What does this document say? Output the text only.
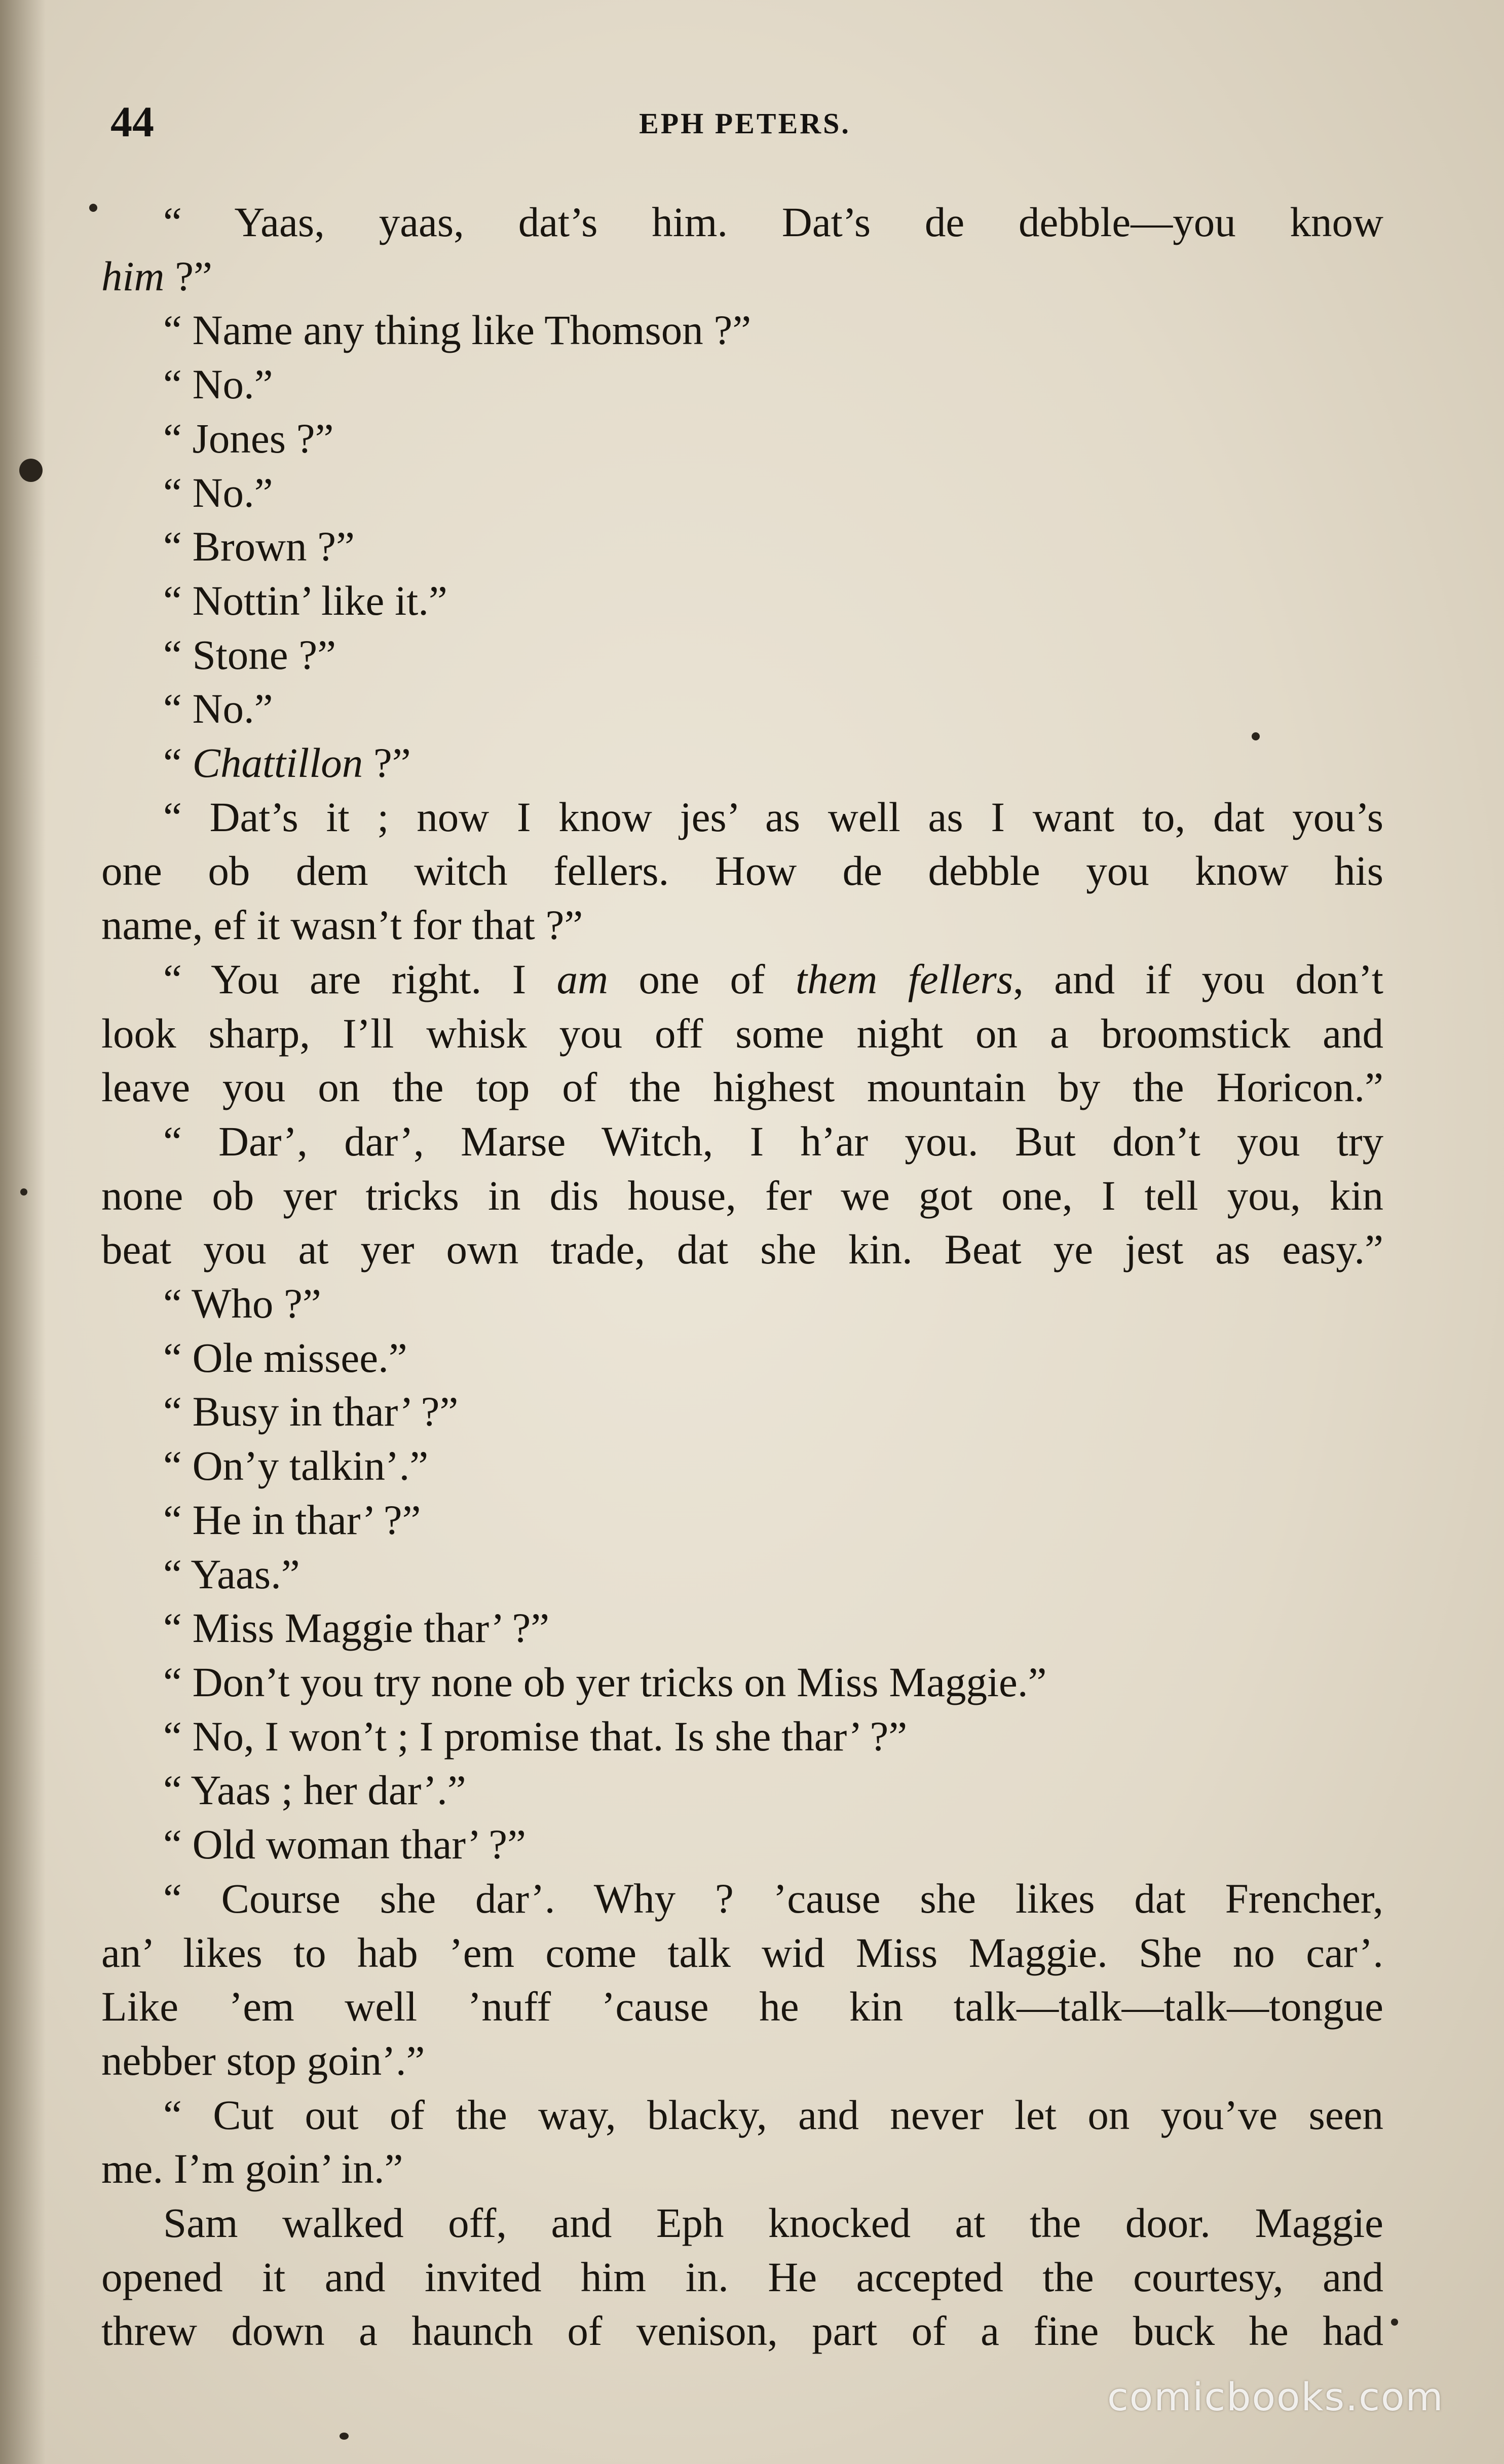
44	EPH PETERS.

“ Yaas, yaas, dat’s him. Dat’s de debble—you know

him ?”

“ Name any thing like Thomson ?”

“ No.”

“ Jones ?”

“ No.”

“ Brown ?”

“ Nottin’ like it.”

“ Stone ?”

“ No.”

“ Chattillon ?”

“ Dat’s it ; now I know jes’ as well as I want to, dat you’s

one ob dem witch fellers. How de debble you know his

name, ef it wasn’t for that ?”

“ You are right. I am one of them fellers, and if you don’t

look sharp, I’ll whisk you off some night on a broomstick and

leave you on the top of the highest mountain by the Horicon.”

“ Dar’, dar’, Marse Witch, I h’ar you. But don’t you try

none ob yer tricks in dis house, fer we got one, I tell you, kin

beat you at yer own trade, dat she kin. Beat ye jest as easy.”

“ Who ?”

“ Ole missee.”

“ Busy in thar’ ?”

“ On’y talkin’.”

“ He in thar’ ?”

“ Yaas.”

“ Miss Maggie thar’ ?”

“ Don’t you try none ob yer tricks on Miss Maggie.”

“ No, I won’t ; I promise that. Is she thar’ ?”

“ Yaas ; her dar’.”

“ Old woman thar’ ?”

“ Course she dar’. Why ? ’cause she likes dat Frencher,

an’ likes to hab ’em come talk wid Miss Maggie. She no car’.

Like ’em well ’nuff ’cause he kin talk—talk—talk—tongue

nebber stop goin’.”

“ Cut out of the way, blacky, and never let on you’ve seen

me. I’m goin’ in.”

Sam walked off, and Eph knocked at the door. Maggie

opened it and invited him in. He accepted the courtesy, and

threw down a haunch of venison, part of a fine buck he had

comicbooks.com
